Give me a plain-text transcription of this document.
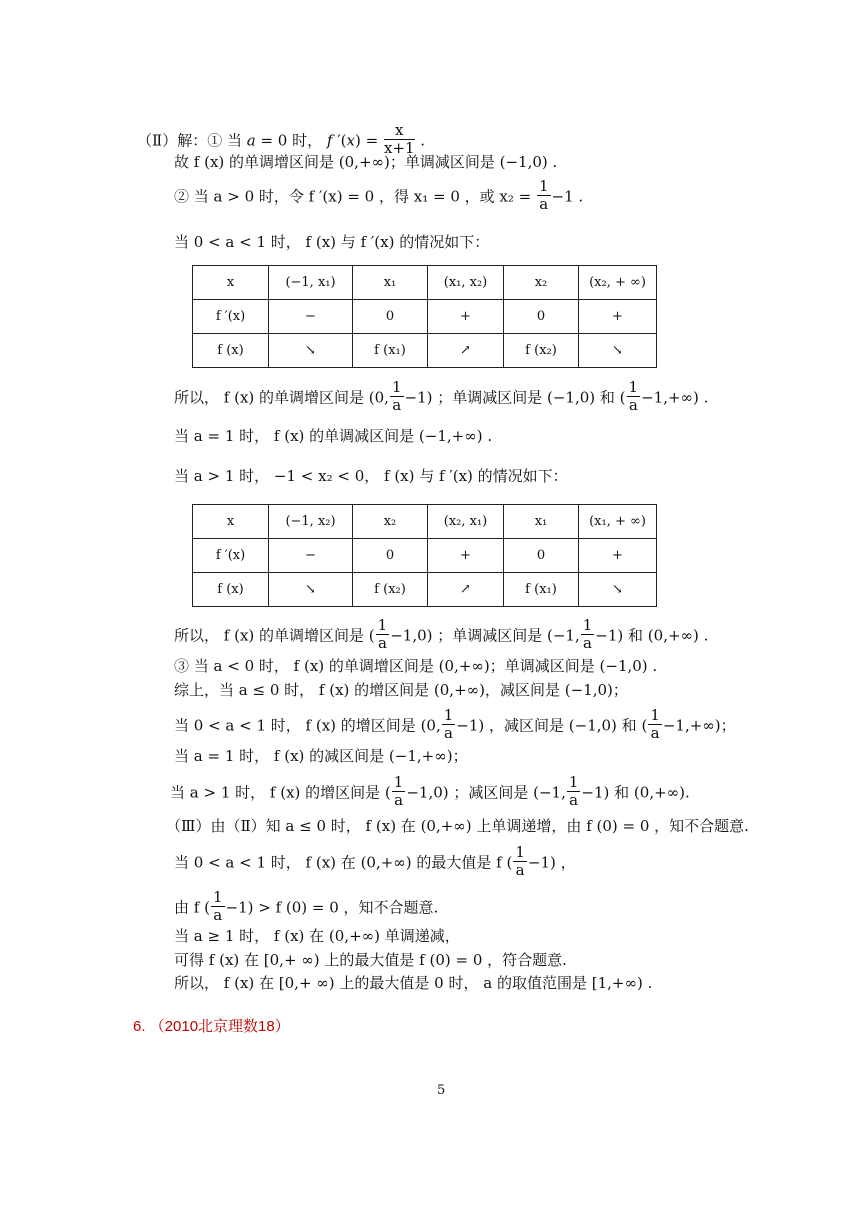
（Ⅱ）解：① 当 a = 0 时， f $'(x) = \frac{x}{x+1}$ .
故 f (x) 的单调增区间是 (0,+∞)；单调减区间是 (−1,0) .
② 当 a > 0 时，令 f ′(x) = 0 ，得 x₁ = 0 ，或 $x_2 = \frac{1}{a} -1$ .
当 0 < a < 1 时， f (x) 与 f ′(x) 的情况如下：
x	(−1, x₁)	x₁	(x₁, x₂)	x₂	(x₂, + ∞)
f ′(x)	−	0	+	0	+
f (x)	↘	f (x₁)	↗	f (x₂)	↘
所以， f (x) 的单调增区间是 (0, $\frac{1}{a} -1$) ；单调减区间是 (−1,0) 和 ( $\frac{1}{a} -1,+\infty$) .
当 a = 1 时， f (x) 的单调减区间是 (−1,+∞) .
当 a > 1 时， −1 < x₂ < 0， f (x) 与 f ′(x) 的情况如下：
x	(−1, x₂)	x₂	(x₂, x₁)	x₁	(x₁, + ∞)
f ′(x)	−	0	+	0	+
f (x)	↘	f (x₂)	↗	f (x₁)	↘
所以， f (x) 的单调增区间是 ( $\frac{1}{a} -1,0$) ；单调减区间是 (−1, $\frac{1}{a} -1$) 和 (0,+∞) .
③ 当 a < 0 时， f (x) 的单调增区间是 (0,+∞)；单调减区间是 (−1,0) .
综上，当 a ≤ 0 时， f (x) 的增区间是 (0,+∞)，减区间是 (−1,0)；
当 0 < a < 1 时， f (x) 的增区间是 (0, $\frac{1}{a} -1$) ，减区间是 (−1,0) 和 ( $\frac{1}{a} -1,+\infty$)；
当 a = 1 时， f (x) 的减区间是 (−1,+∞)；
当 a > 1 时， f (x) 的增区间是 ( $\frac{1}{a} -1,0$) ；减区间是 (−1, $\frac{1}{a} -1$) 和 (0,+∞).
（Ⅲ）由（Ⅱ）知 a ≤ 0 时， f (x) 在 (0,+∞) 上单调递增，由 f (0) = 0 ，知不合题意.
当 0 < a < 1 时， f (x) 在 (0,+∞) 的最大值是 f ( $\frac{1}{a} -1$) ，
由 f ( $\frac{1}{a} -1) > f$ (0) = 0 ，知不合题意.
当 a ≥ 1 时， f (x) 在 (0,+∞) 单调递减，
可得 f (x) 在 [0,+ ∞) 上的最大值是 f (0) = 0 ，符合题意.
所以， f (x) 在 [0,+ ∞) 上的最大值是 0 时， a 的取值范围是 [1,+∞) .
6. （2010北京理数18）
5
